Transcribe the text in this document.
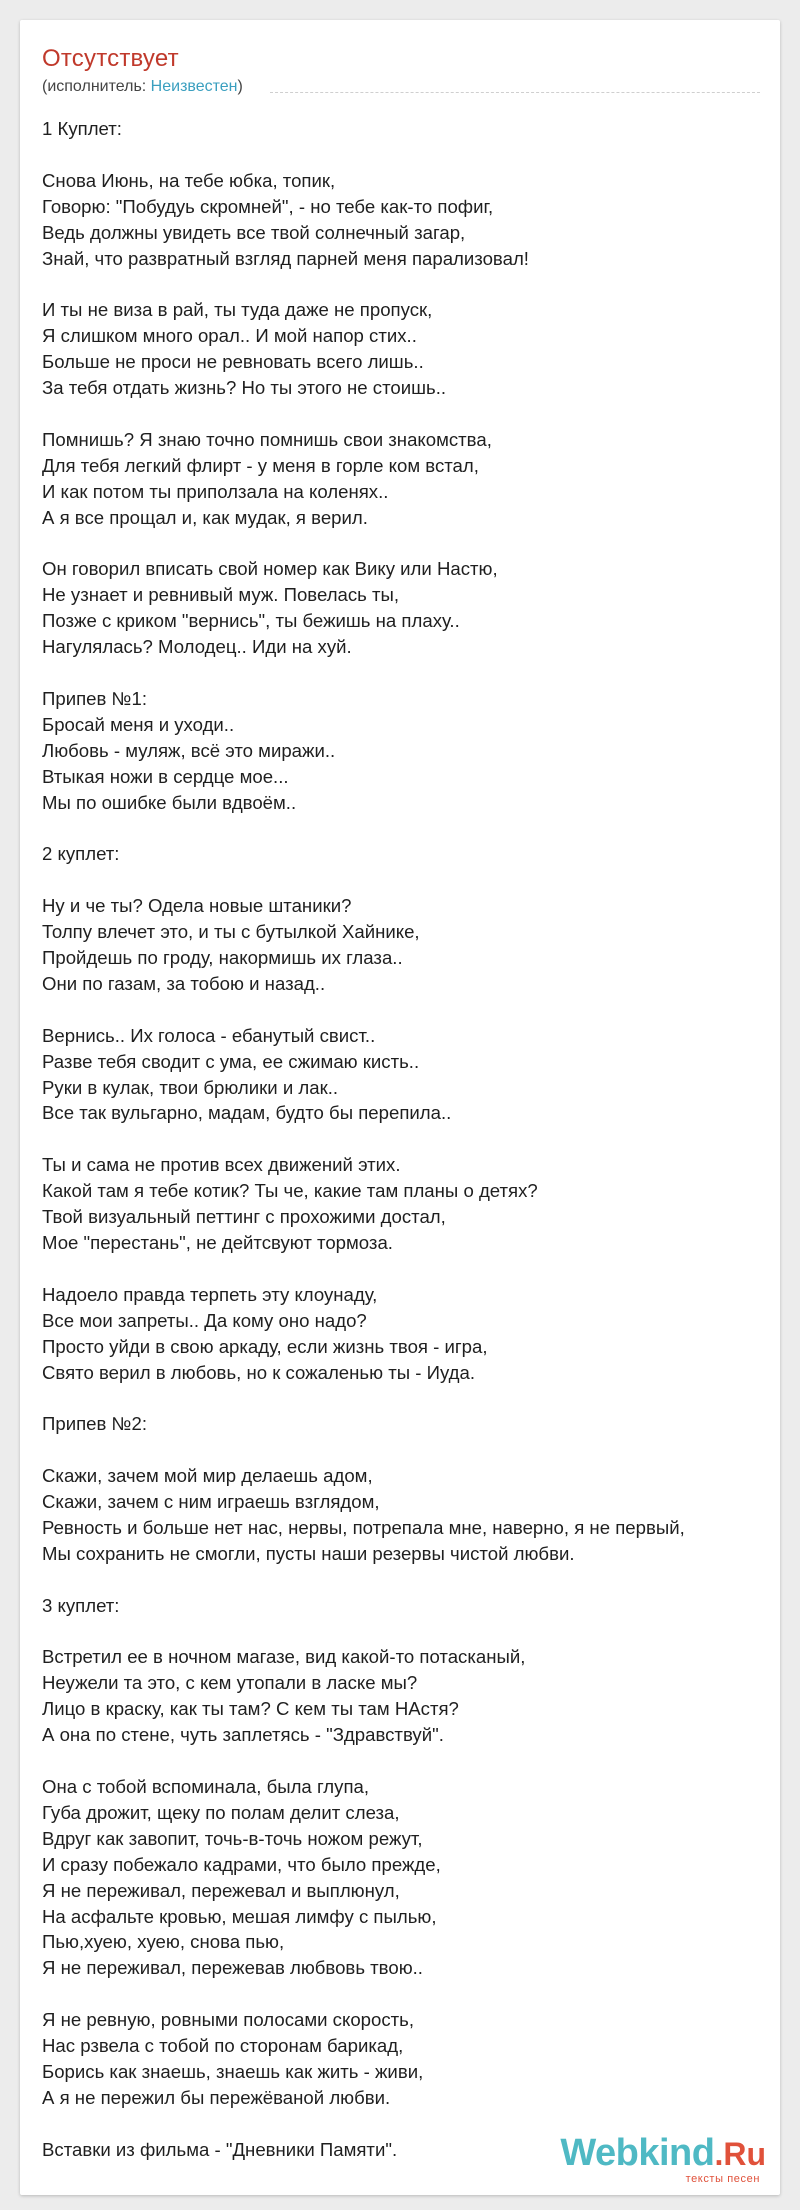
Отсутствует
(исполнитель: Неизвестен)
1 Куплет:

Снова Июнь, на тебе юбка, топик,
Говорю: "Побудуь скромней", - но тебе как-то пофиг,
Ведь должны увидеть все твой солнечный загар,
Знай, что развратный взгляд парней меня парализовал!

И ты не виза в рай, ты туда даже не пропуск,
Я слишком много орал.. И мой напор стих..
Больше не проси не ревновать всего лишь..
За тебя отдать жизнь? Но ты этого не стоишь..

Помнишь? Я знаю точно помнишь свои знакомства,
Для тебя легкий флирт - у меня в горле ком встал,
И как потом ты приползала на коленях..
А я все прощал и, как мудак, я верил.

Он говорил вписать свой номер как Вику или Настю,
Не узнает и ревнивый муж. Повелась ты,
Позже с криком "вернись", ты бежишь на плаху..
Нагулялась? Молодец.. Иди на хуй.

Припев №1:
Бросай меня и уходи..
Любовь - муляж, всё это миражи..
Втыкая ножи в сердце мое...
Мы по ошибке были вдвоём..

2 куплет:

Ну и че ты? Одела новые штаники?
Толпу влечет это, и ты с бутылкой Хайнике,
Пройдешь по гроду, накормишь их глаза..
Они по газам, за тобою и назад..

Вернись.. Их голоса - ебанутый свист..
Разве тебя сводит с ума, ее сжимаю кисть..
Руки в кулак, твои брюлики и лак..
Все так вульгарно, мадам, будто бы перепила..

Ты и сама не против всех движений этих.
Какой там я тебе котик? Ты че, какие там планы о детях?
Твой визуальный петтинг с прохожими достал,
Мое "перестань", не дейтсвуют тормоза.

Надоело правда терпеть эту клоунаду,
Все мои запреты.. Да кому оно надо?
Просто уйди в свою аркаду, если жизнь твоя - игра,
Свято верил в любовь, но к сожаленью ты - Иуда.

Припев №2:

Скажи, зачем мой мир делаешь адом,
Скажи, зачем с ним играешь взглядом,
Ревность и больше нет нас, нервы, потрепала мне, наверно, я не первый,
Мы сохранить не смогли, пусты наши резервы чистой любви.

3 куплет:

Встретил ее в ночном магазе, вид какой-то потасканый,
Неужели та это, с кем утопали в ласке мы?
Лицо в краску, как ты там? С кем ты там НАстя?
А она по стене, чуть заплетясь - "Здравствуй".

Она с тобой вспоминала, была глупа,
Губа дрожит, щеку по полам делит слеза,
Вдруг как завопит, точь-в-точь ножом режут,
И сразу побежало кадрами, что было прежде,
Я не переживал, пережевал и выплюнул,
На асфальте кровью, мешая лимфу с пылью,
Пью,хуею, хуею, снова пью,
Я не переживал, пережевав любвовь твою..

Я не ревную, ровными полосами скорость,
Нас рзвела с тобой по сторонам барикад,
Борись как знаешь, знаешь как жить - живи,
А я не пережил бы пережёваной любви.

Вставки из фильма - "Дневники Памяти".	Webkind.Ru
тексты песен
